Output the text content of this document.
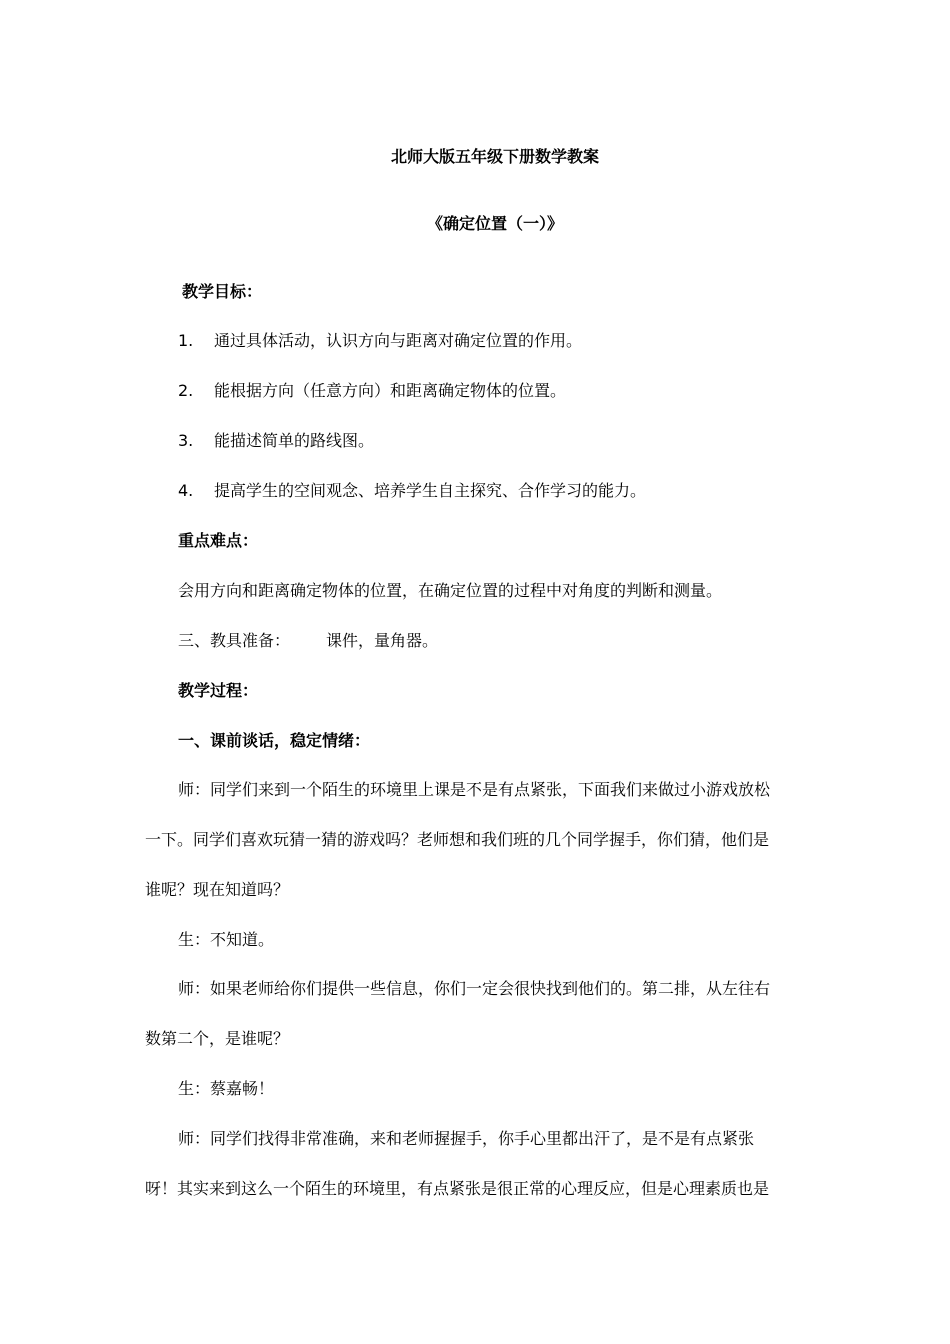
北师大版五年级下册数学教案
《确定位置（一）》
教学目标：
1. 通过具体活动，认识方向与距离对确定位置的作用。
2. 能根据方向（任意方向）和距离确定物体的位置。
3. 能描述简单的路线图。
4. 提高学生的空间观念、培养学生自主探究、合作学习的能力。
重点难点：
会用方向和距离确定物体的位置，在确定位置的过程中对角度的判断和测量。
三、教具准备： 课件，量角器。
教学过程：
一、课前谈话，稳定情绪：
师：同学们来到一个陌生的环境里上课是不是有点紧张，下面我们来做过小游戏放松
一下。同学们喜欢玩猜一猜的游戏吗？老师想和我们班的几个同学握手，你们猜，他们是
谁呢？现在知道吗？
生：不知道。
师：如果老师给你们提供一些信息，你们一定会很快找到他们的。第二排，从左往右
数第二个，是谁呢？
生：蔡嘉畅！
师：同学们找得非常准确，来和老师握握手，你手心里都出汗了，是不是有点紧张
呀！其实来到这么一个陌生的环境里，有点紧张是很正常的心理反应，但是心理素质也是
